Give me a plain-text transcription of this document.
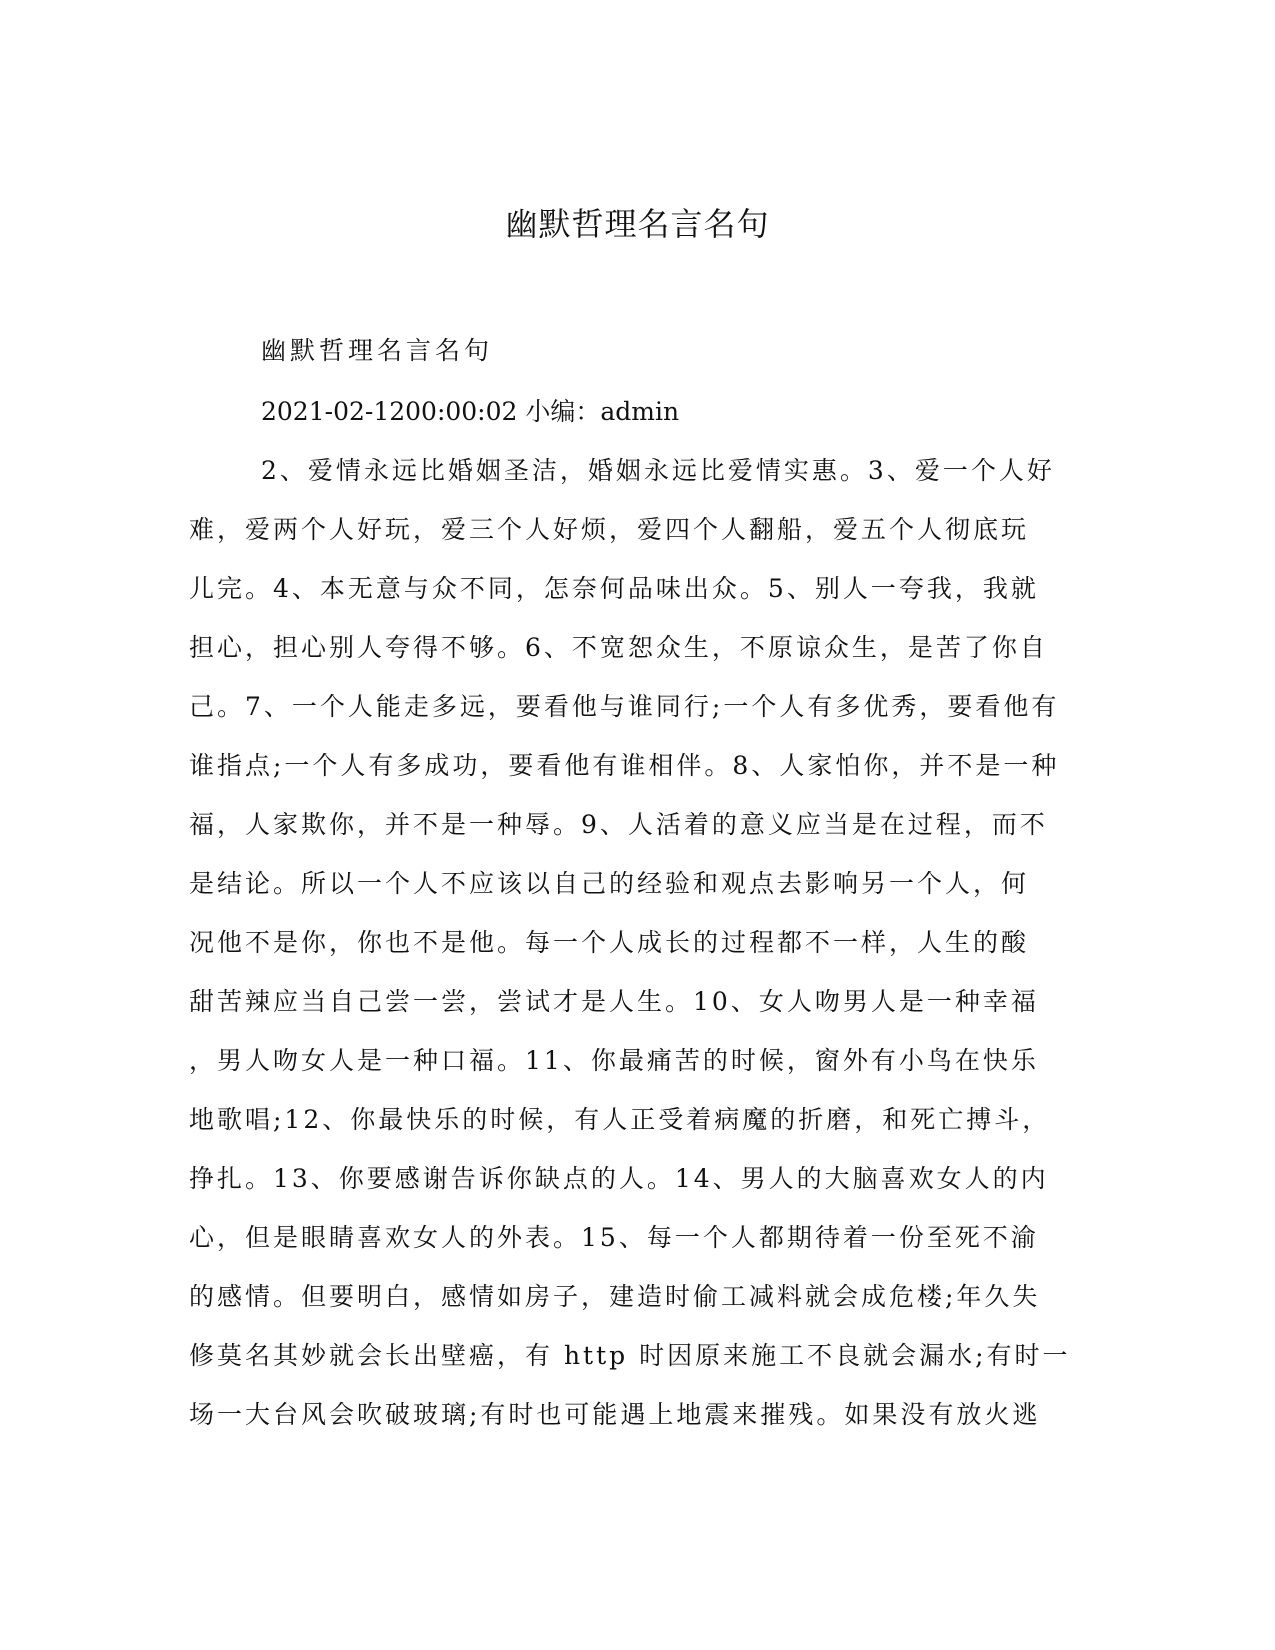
幽默哲理名言名句
幽默哲理名言名句
2021-02-1200:00:02 小编：admin
2、爱情永远比婚姻圣洁，婚姻永远比爱情实惠。3、爱一个人好
难，爱两个人好玩，爱三个人好烦，爱四个人翻船，爱五个人彻底玩
儿完。4、本无意与众不同，怎奈何品味出众。5、别人一夸我，我就
担心，担心别人夸得不够。6、不宽恕众生，不原谅众生，是苦了你自
己。7、一个人能走多远，要看他与谁同行;一个人有多优秀，要看他有
谁指点;一个人有多成功，要看他有谁相伴。8、人家怕你，并不是一种
福，人家欺你，并不是一种辱。9、人活着的意义应当是在过程，而不
是结论。所以一个人不应该以自己的经验和观点去影响另一个人，何
况他不是你，你也不是他。每一个人成长的过程都不一样，人生的酸
甜苦辣应当自己尝一尝，尝试才是人生。10、女人吻男人是一种幸福
，男人吻女人是一种口福。11、你最痛苦的时候，窗外有小鸟在快乐
地歌唱;12、你最快乐的时候，有人正受着病魔的折磨，和死亡搏斗，
挣扎。13、你要感谢告诉你缺点的人。14、男人的大脑喜欢女人的内
心，但是眼睛喜欢女人的外表。15、每一个人都期待着一份至死不渝
的感情。但要明白，感情如房子，建造时偷工减料就会成危楼;年久失
修莫名其妙就会长出壁癌，有 http 时因原来施工不良就会漏水;有时一
场一大台风会吹破玻璃;有时也可能遇上地震来摧残。如果没有放火逃
